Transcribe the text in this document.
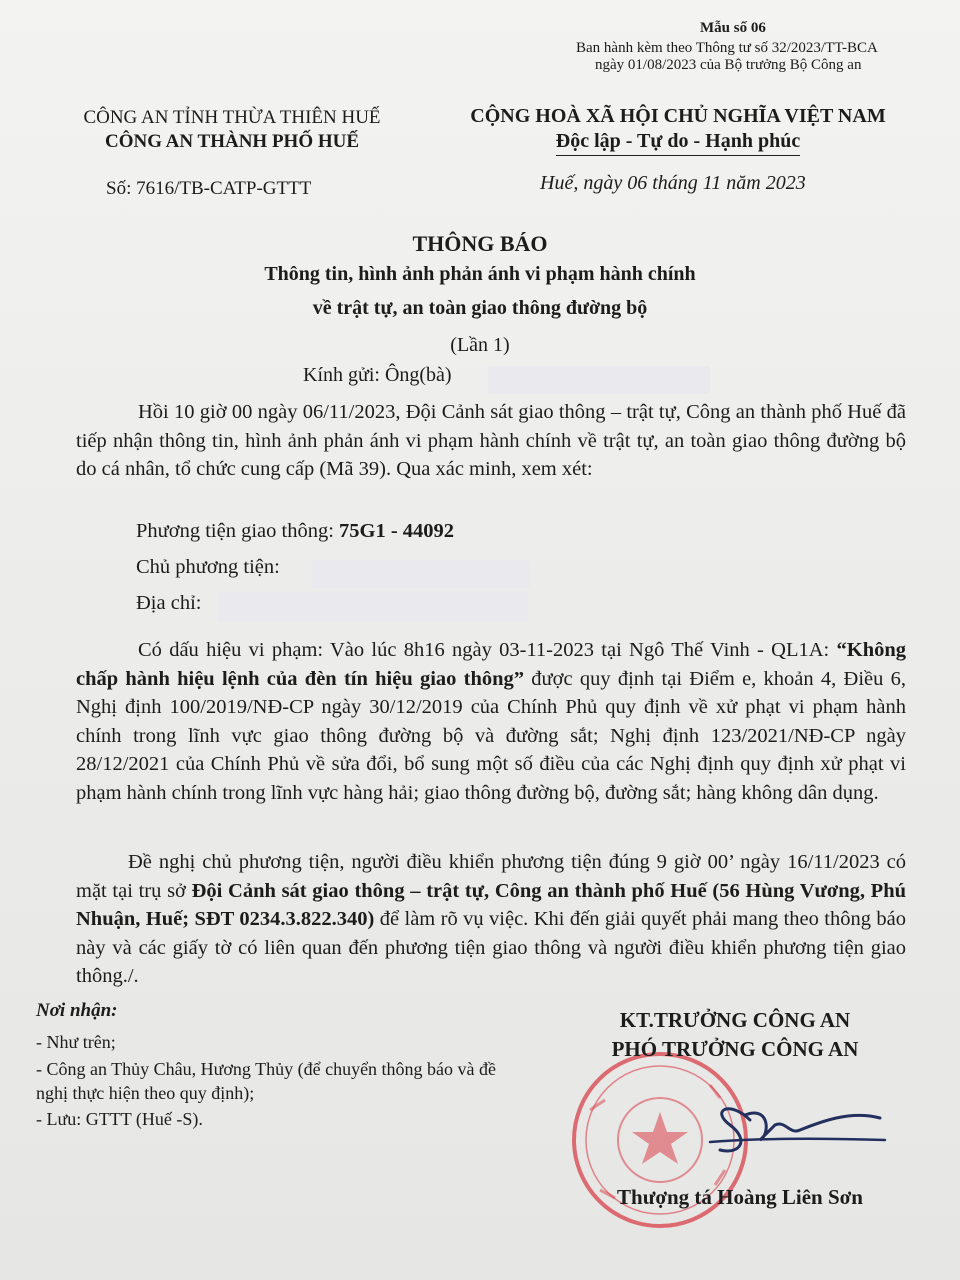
Mẫu số 06
Ban hành kèm theo Thông tư số 32/2023/TT-BCA
ngày 01/08/2023 của Bộ trưởng Bộ Công an
CÔNG AN TỈNH THỪA THIÊN HUẾ
CÔNG AN THÀNH PHỐ HUẾ
CỘNG HOÀ XÃ HỘI CHỦ NGHĨA VIỆT NAM
Độc lập - Tự do - Hạnh phúc
Số: 7616/TB-CATP-GTTT	Huế, ngày 06 tháng 11 năm 2023
THÔNG BÁO
Thông tin, hình ảnh phản ánh vi phạm hành chính
về trật tự, an toàn giao thông đường bộ
(Lần 1)
Kính gửi: Ông(bà)
Hồi 10 giờ 00 ngày 06/11/2023, Đội Cảnh sát giao thông – trật tự, Công an thành phố Huế đã tiếp nhận thông tin, hình ảnh phản ánh vi phạm hành chính về trật tự, an toàn giao thông đường bộ do cá nhân, tổ chức cung cấp (Mã 39). Qua xác minh, xem xét:
Phương tiện giao thông: 75G1 - 44092
Chủ phương tiện:
Địa chỉ:
Có dấu hiệu vi phạm: Vào lúc 8h16 ngày 03-11-2023 tại Ngô Thế Vinh - QL1A: “Không chấp hành hiệu lệnh của đèn tín hiệu giao thông” được quy định tại Điểm e, khoản 4, Điều 6, Nghị định 100/2019/NĐ-CP ngày 30/12/2019 của Chính Phủ quy định về xử phạt vi phạm hành chính trong lĩnh vực giao thông đường bộ và đường sắt; Nghị định 123/2021/NĐ-CP ngày 28/12/2021 của Chính Phủ về sửa đổi, bổ sung một số điều của các Nghị định quy định xử phạt vi phạm hành chính trong lĩnh vực hàng hải; giao thông đường bộ, đường sắt; hàng không dân dụng.
Đề nghị chủ phương tiện, người điều khiển phương tiện đúng 9 giờ 00’ ngày 16/11/2023 có mặt tại trụ sở Đội Cảnh sát giao thông – trật tự, Công an thành phố Huế (56 Hùng Vương, Phú Nhuận, Huế; SĐT 0234.3.822.340) để làm rõ vụ việc. Khi đến giải quyết phải mang theo thông báo này và các giấy tờ có liên quan đến phương tiện giao thông và người điều khiển phương tiện giao thông./.
Nơi nhận:
- Như trên;
- Công an Thủy Châu, Hương Thủy (để chuyển thông báo và đề nghị thực hiện theo quy định);
- Lưu: GTTT (Huế -S).
KT.TRƯỞNG CÔNG AN
PHÓ TRƯỞNG CÔNG AN
Thượng tá Hoàng Liên Sơn
